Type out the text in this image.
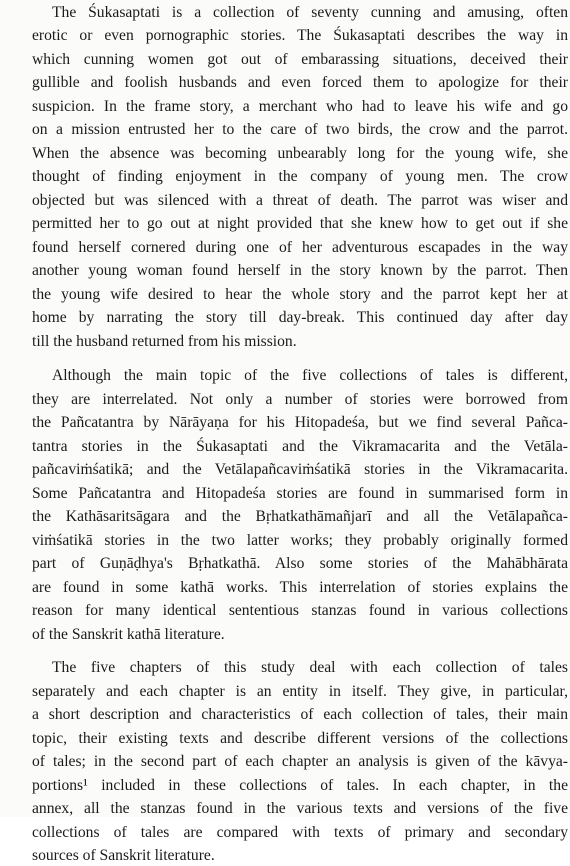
The Śukasaptati is a collection of seventy cunning and amusing, often
erotic or even pornographic stories. The Śukasaptati describes the way in
which cunning women got out of embarassing situations, deceived their
gullible and foolish husbands and even forced them to apologize for their
suspicion. In the frame story, a merchant who had to leave his wife and go
on a mission entrusted her to the care of two birds, the crow and the parrot.
When the absence was becoming unbearably long for the young wife, she
thought of finding enjoyment in the company of young men. The crow
objected but was silenced with a threat of death. The parrot was wiser and
permitted her to go out at night provided that she knew how to get out if she
found herself cornered during one of her adventurous escapades in the way
another young woman found herself in the story known by the parrot. Then
the young wife desired to hear the whole story and the parrot kept her at
home by narrating the story till day-break. This continued day after day
till the husband returned from his mission.
Although the main topic of the five collections of tales is different,
they are interrelated. Not only a number of stories were borrowed from
the Pañcatantra by Nārāyaṇa for his Hitopadeśa, but we find several Pañca-
tantra stories in the Śukasaptati and the Vikramacarita and the Vetāla-
pañcaviṁśatikā; and the Vetālapañcaviṁśatikā stories in the Vikramacarita.
Some Pañcatantra and Hitopadeśa stories are found in summarised form in
the Kathāsaritsāgara and the Bṛhatkathāmañjarī and all the Vetālapañca-
viṁśatikā stories in the two latter works; they probably originally formed
part of Guṇāḍhya's Bṛhatkathā. Also some stories of the Mahābhārata
are found in some kathā works. This interrelation of stories explains the
reason for many identical sententious stanzas found in various collections
of the Sanskrit kathā literature.
The five chapters of this study deal with each collection of tales
separately and each chapter is an entity in itself. They give, in particular,
a short description and characteristics of each collection of tales, their main
topic, their existing texts and describe different versions of the collections
of tales; in the second part of each chapter an analysis is given of the kāvya-
portions¹ included in these collections of tales. In each chapter, in the
annex, all the stanzas found in the various texts and versions of the five
collections of tales are compared with texts of primary and secondary
sources of Sanskrit literature.
